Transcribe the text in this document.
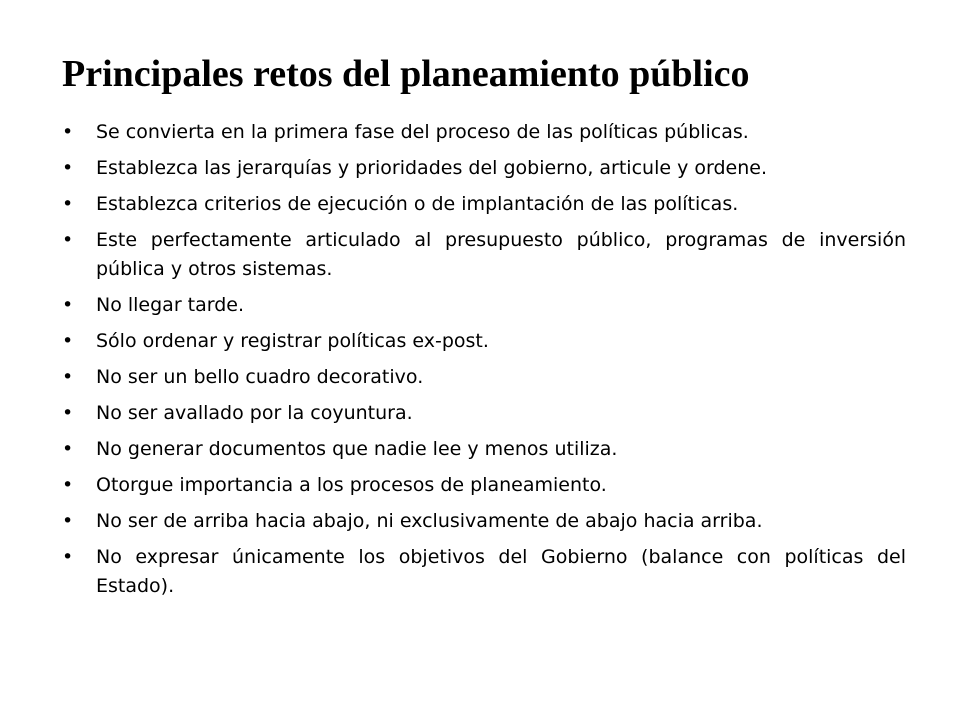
Principales retos del planeamiento público
• Se convierta en la primera fase del proceso de las políticas públicas.
• Establezca las jerarquías y prioridades del gobierno, articule y ordene.
• Establezca criterios de ejecución o de implantación de las políticas.
• Este perfectamente articulado al presupuesto público, programas de inversión pública y otros sistemas.
• No llegar tarde.
• Sólo ordenar y registrar políticas ex-post.
• No ser un bello cuadro decorativo.
• No ser avallado por la coyuntura.
• No generar documentos que nadie lee y menos utiliza.
• Otorgue importancia a los procesos de planeamiento.
• No ser de arriba hacia abajo, ni exclusivamente de abajo hacia arriba.
• No expresar únicamente los objetivos del Gobierno (balance con políticas del Estado).
